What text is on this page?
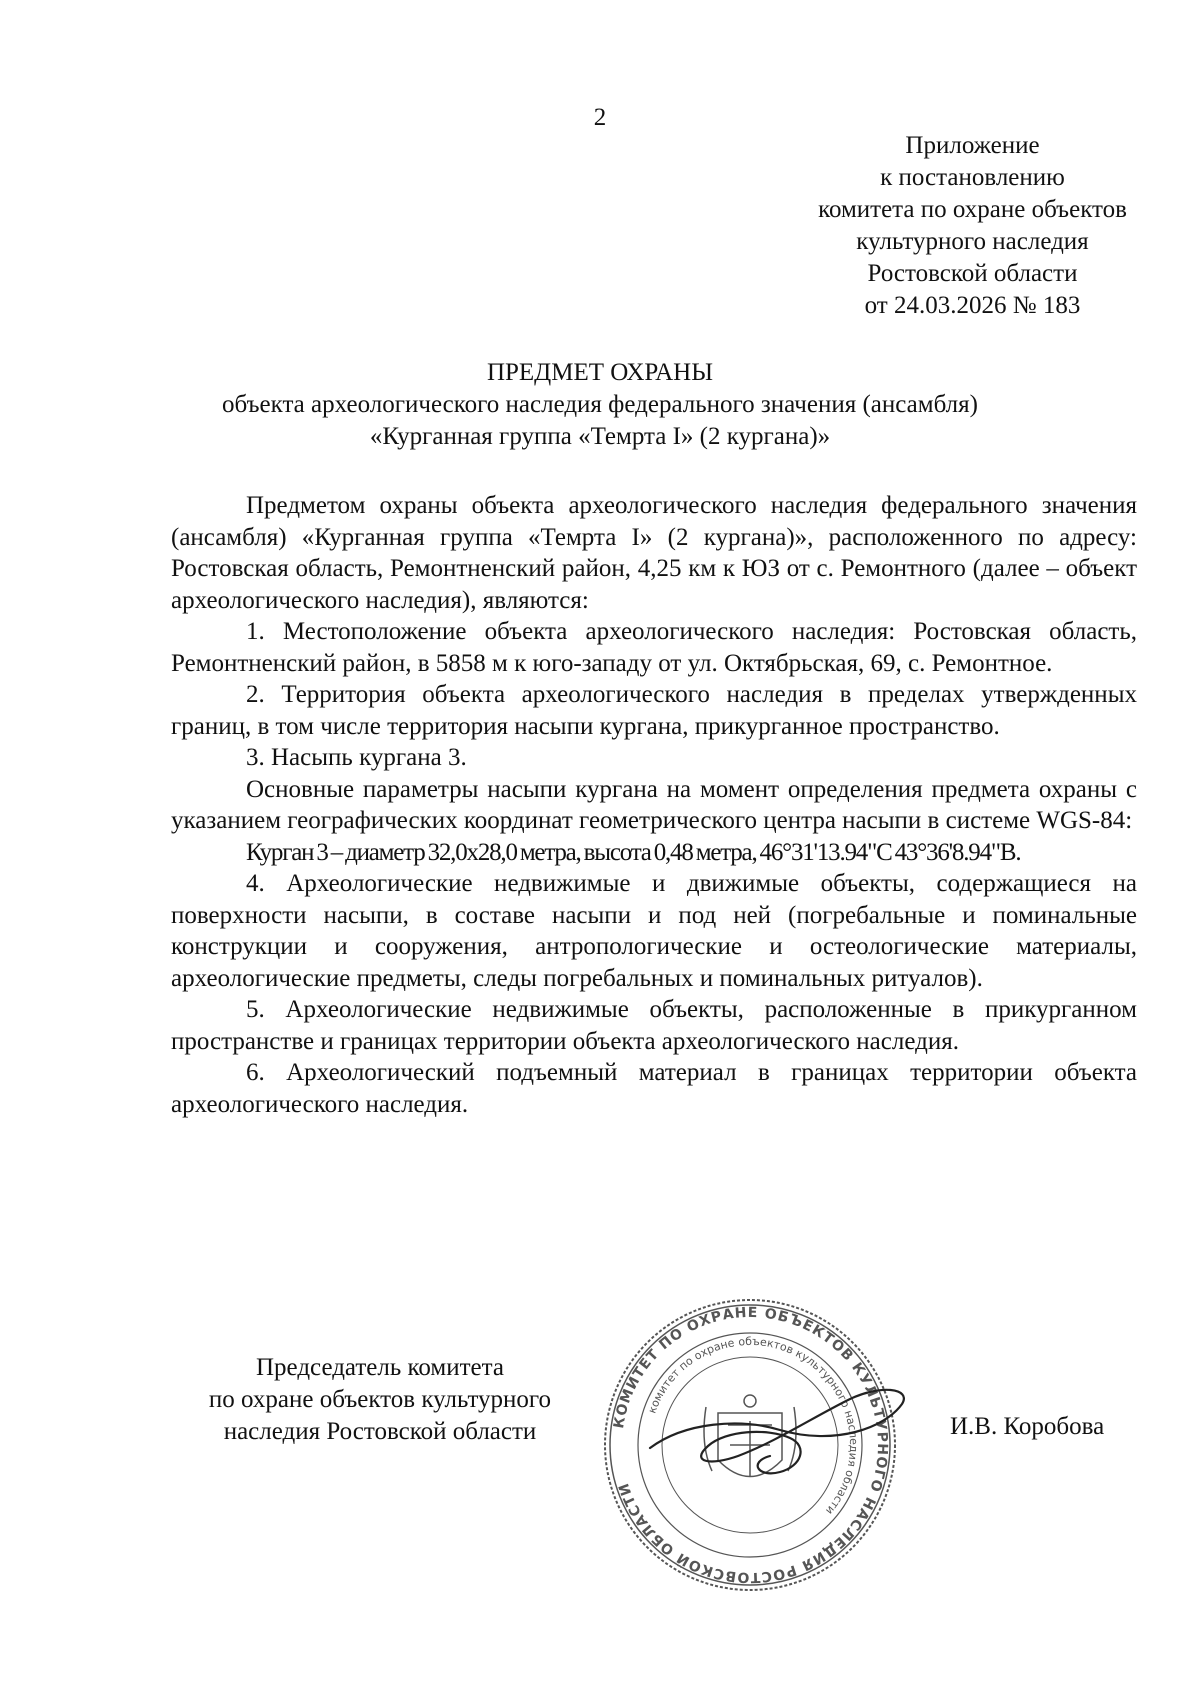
2
Приложение
к постановлению
комитета по охране объектов
культурного наследия
Ростовской области
от 24.03.2026 № 183
ПРЕДМЕТ ОХРАНЫ
объекта археологического наследия федерального значения (ансамбля)
«Курганная группа «Темрта I» (2 кургана)»

Предметом охраны объекта археологического наследия федерального значения (ансамбля) «Курганная группа «Темрта I» (2 кургана)», расположенного по адресу: Ростовская область, Ремонтненский район, 4,25 км к ЮЗ от с. Ремонтного (далее – объект археологического наследия), являются:

1. Местоположение объекта археологического наследия: Ростовская область, Ремонтненский район, в 5858 м к юго-западу от ул. Октябрьская, 69, с. Ремонтное.

2. Территория объекта археологического наследия в пределах утвержденных границ, в том числе территория насыпи кургана, прикурганное пространство.

3. Насыпь кургана 3.

Основные параметры насыпи кургана на момент определения предмета охраны с указанием географических координат геометрического центра насыпи в системе WGS-84:

Курган 3 – диаметр 32,0х28,0 метра, высота 0,48 метра, 46°31'13.94"С 43°36'8.94"В.

4. Археологические недвижимые и движимые объекты, содержащиеся на поверхности насыпи, в составе насыпи и под ней (погребальные и поминальные конструкции и сооружения, антропологические и остеологические материалы, археологические предметы, следы погребальных и поминальных ритуалов).

5. Археологические недвижимые объекты, расположенные в прикурганном пространстве и границах территории объекта археологического наследия.

6. Археологический подъемный материал в границах территории объекта археологического наследия.

Председатель комитета
по охране объектов культурного
наследия Ростовской области	КОМИТЕТ ПО ОХРАНЕ ОБЪЕКТОВ КУЛЬТУРНОГО НАСЛЕДИЯ РОСТОВСКОЙ ОБЛАСТИ
комитет по охране объектов культурного наследия области
И.В. Коробова
